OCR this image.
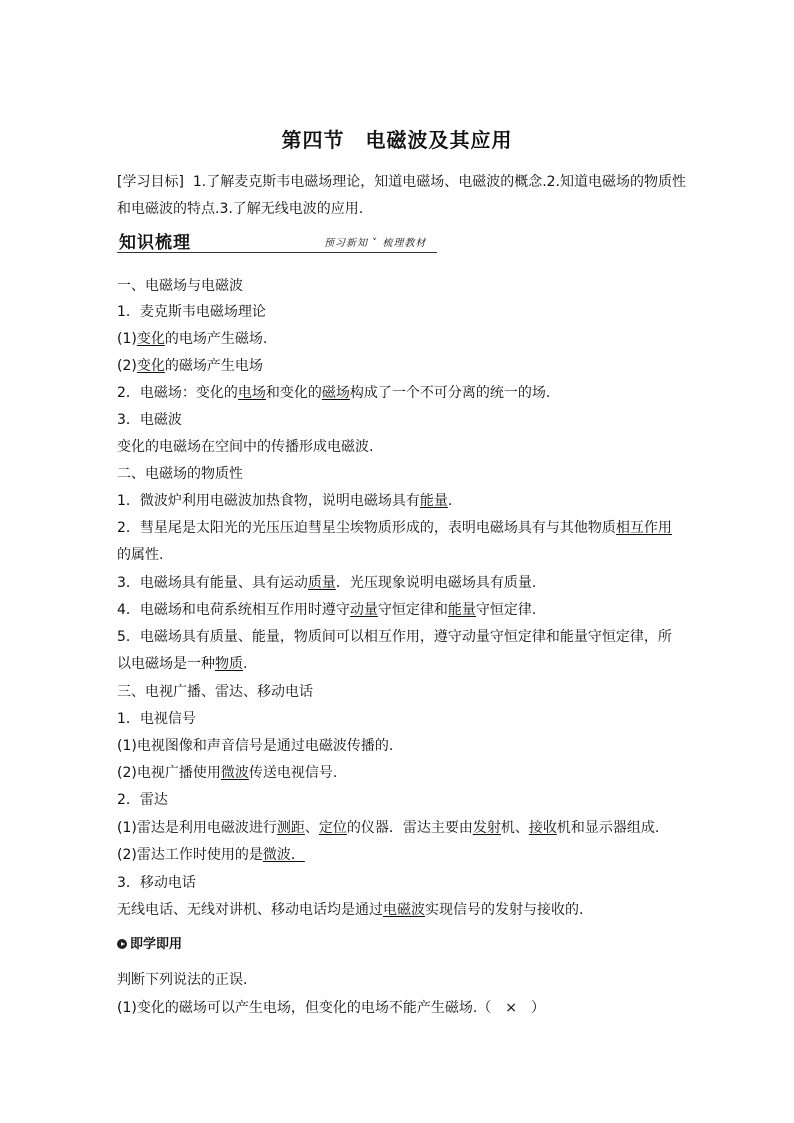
第四节　电磁波及其应用
[学习目标] 1.了解麦克斯韦电磁场理论，知道电磁场、电磁波的概念.2.知道电磁场的物质性
和电磁波的特点.3.了解无线电波的应用.
知识梳理	预习新知 ˅ 梳理教材
一、电磁场与电磁波
1．麦克斯韦电磁场理论
(1)变化的电场产生磁场.
(2)变化的磁场产生电场
2．电磁场：变化的电场和变化的磁场构成了一个不可分离的统一的场.
3．电磁波
变化的电磁场在空间中的传播形成电磁波.
二、电磁场的物质性
1．微波炉利用电磁波加热食物，说明电磁场具有能量.
2．彗星尾是太阳光的光压压迫彗星尘埃物质形成的，表明电磁场具有与其他物质相互作用的属性.
3．电磁场具有能量、具有运动质量．光压现象说明电磁场具有质量.
4．电磁场和电荷系统相互作用时遵守动量守恒定律和能量守恒定律.
5．电磁场具有质量、能量，物质间可以相互作用，遵守动量守恒定律和能量守恒定律，所以电磁场是一种物质.
三、电视广播、雷达、移动电话
1．电视信号
(1)电视图像和声音信号是通过电磁波传播的.
(2)电视广播使用微波传送电视信号.
2．雷达
(1)雷达是利用电磁波进行测距、定位的仪器．雷达主要由发射机、接收机和显示器组成.
(2)雷达工作时使用的是微波．
3．移动电话
无线电话、无线对讲机、移动电话均是通过电磁波实现信号的发射与接收的.
即学即用
判断下列说法的正误.
(1)变化的磁场可以产生电场，但变化的电场不能产生磁场.（　×　）
